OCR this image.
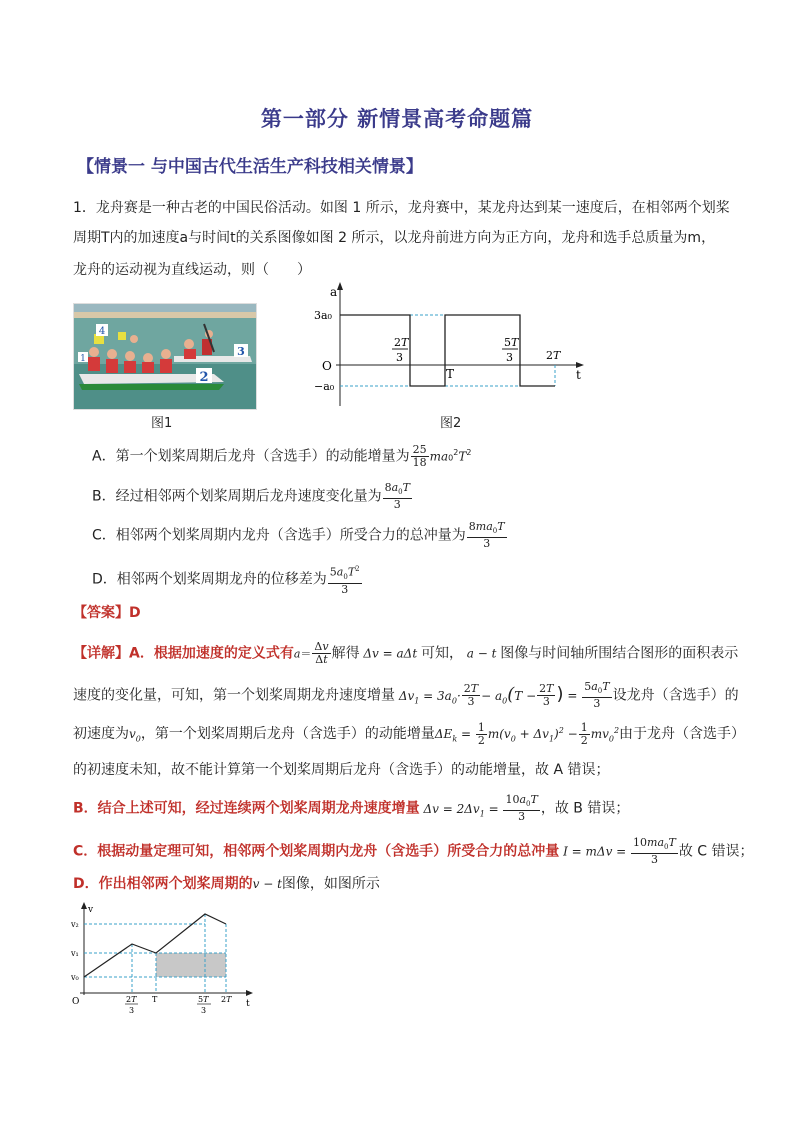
第一部分 新情景高考命题篇
【情景一 与中国古代生活生产科技相关情景】
1．龙舟赛是一种古老的中国民俗活动。如图 1 所示，龙舟赛中，某龙舟达到某一速度后，在相邻两个划桨
周期T内的加速度a与时间t的关系图像如图 2 所示，以龙舟前进方向为正方向，龙舟和选手总质量为m，
龙舟的运动视为直线运动，则（　　）
4
3
2
1
图1
a
t
O
3a₀
−a₀
2T
3
T
5T
3	2T
图2
A．第一个划桨周期后龙舟（含选手）的动能增量为 $\frac{25}{18} ma0^2T^2$
B．经过相邻两个划桨周期后龙舟速度变化量为 $\frac{8a_0T}{3}$
C．相邻两个划桨周期内龙舟（含选手）所受合力的总冲量为 $\frac{8ma_0T}{3}$
D．相邻两个划桨周期龙舟的位移差为 $\frac{5a_0T^2}{3}$
【答案】D
【详解】A．根据加速度的定义式有$a= \frac{\Delta v}{\Delta t}$ 解得 Δv = aΔt 可知， a − t 图像与时间轴所围结合图形的面积表示
速度的变化量，可知，第一个划桨周期龙舟速度增量 $\Delta v_1 = 3a_0\cdot \frac{2T}{3} - a_0(T - \frac{2T}{3}$ ) = $\frac{5a_0T}{3}$ 设龙舟（含选手）的
初速度为$v_0$，第一个划桨周期后龙舟（含选手）的动能增量$\Delta E_k = \frac{1}{2} m(v_0 + \Delta v_1)^2 - \frac{1}{2} mv_0^2$由于龙舟（含选手）
的初速度未知，故不能计算第一个划桨周期后龙舟（含选手）的动能增量，故 A 错误；
B．结合上述可知，经过连续两个划桨周期龙舟速度增量 $\Delta v = 2\Delta v_1 = \frac{10a_0T}{3}$ ，故 B 错误；
C．根据动量定理可知，相邻两个划桨周期内龙舟（含选手）所受合力的总冲量 $I = m\Delta v = \frac{10ma_0T}{3}$ 故 C 错误；
D．作出相邻两个划桨周期的v − t图像，如图所示
v
t
O
v₀
v₁
v₂
2T
3
T	5T
3
2T
